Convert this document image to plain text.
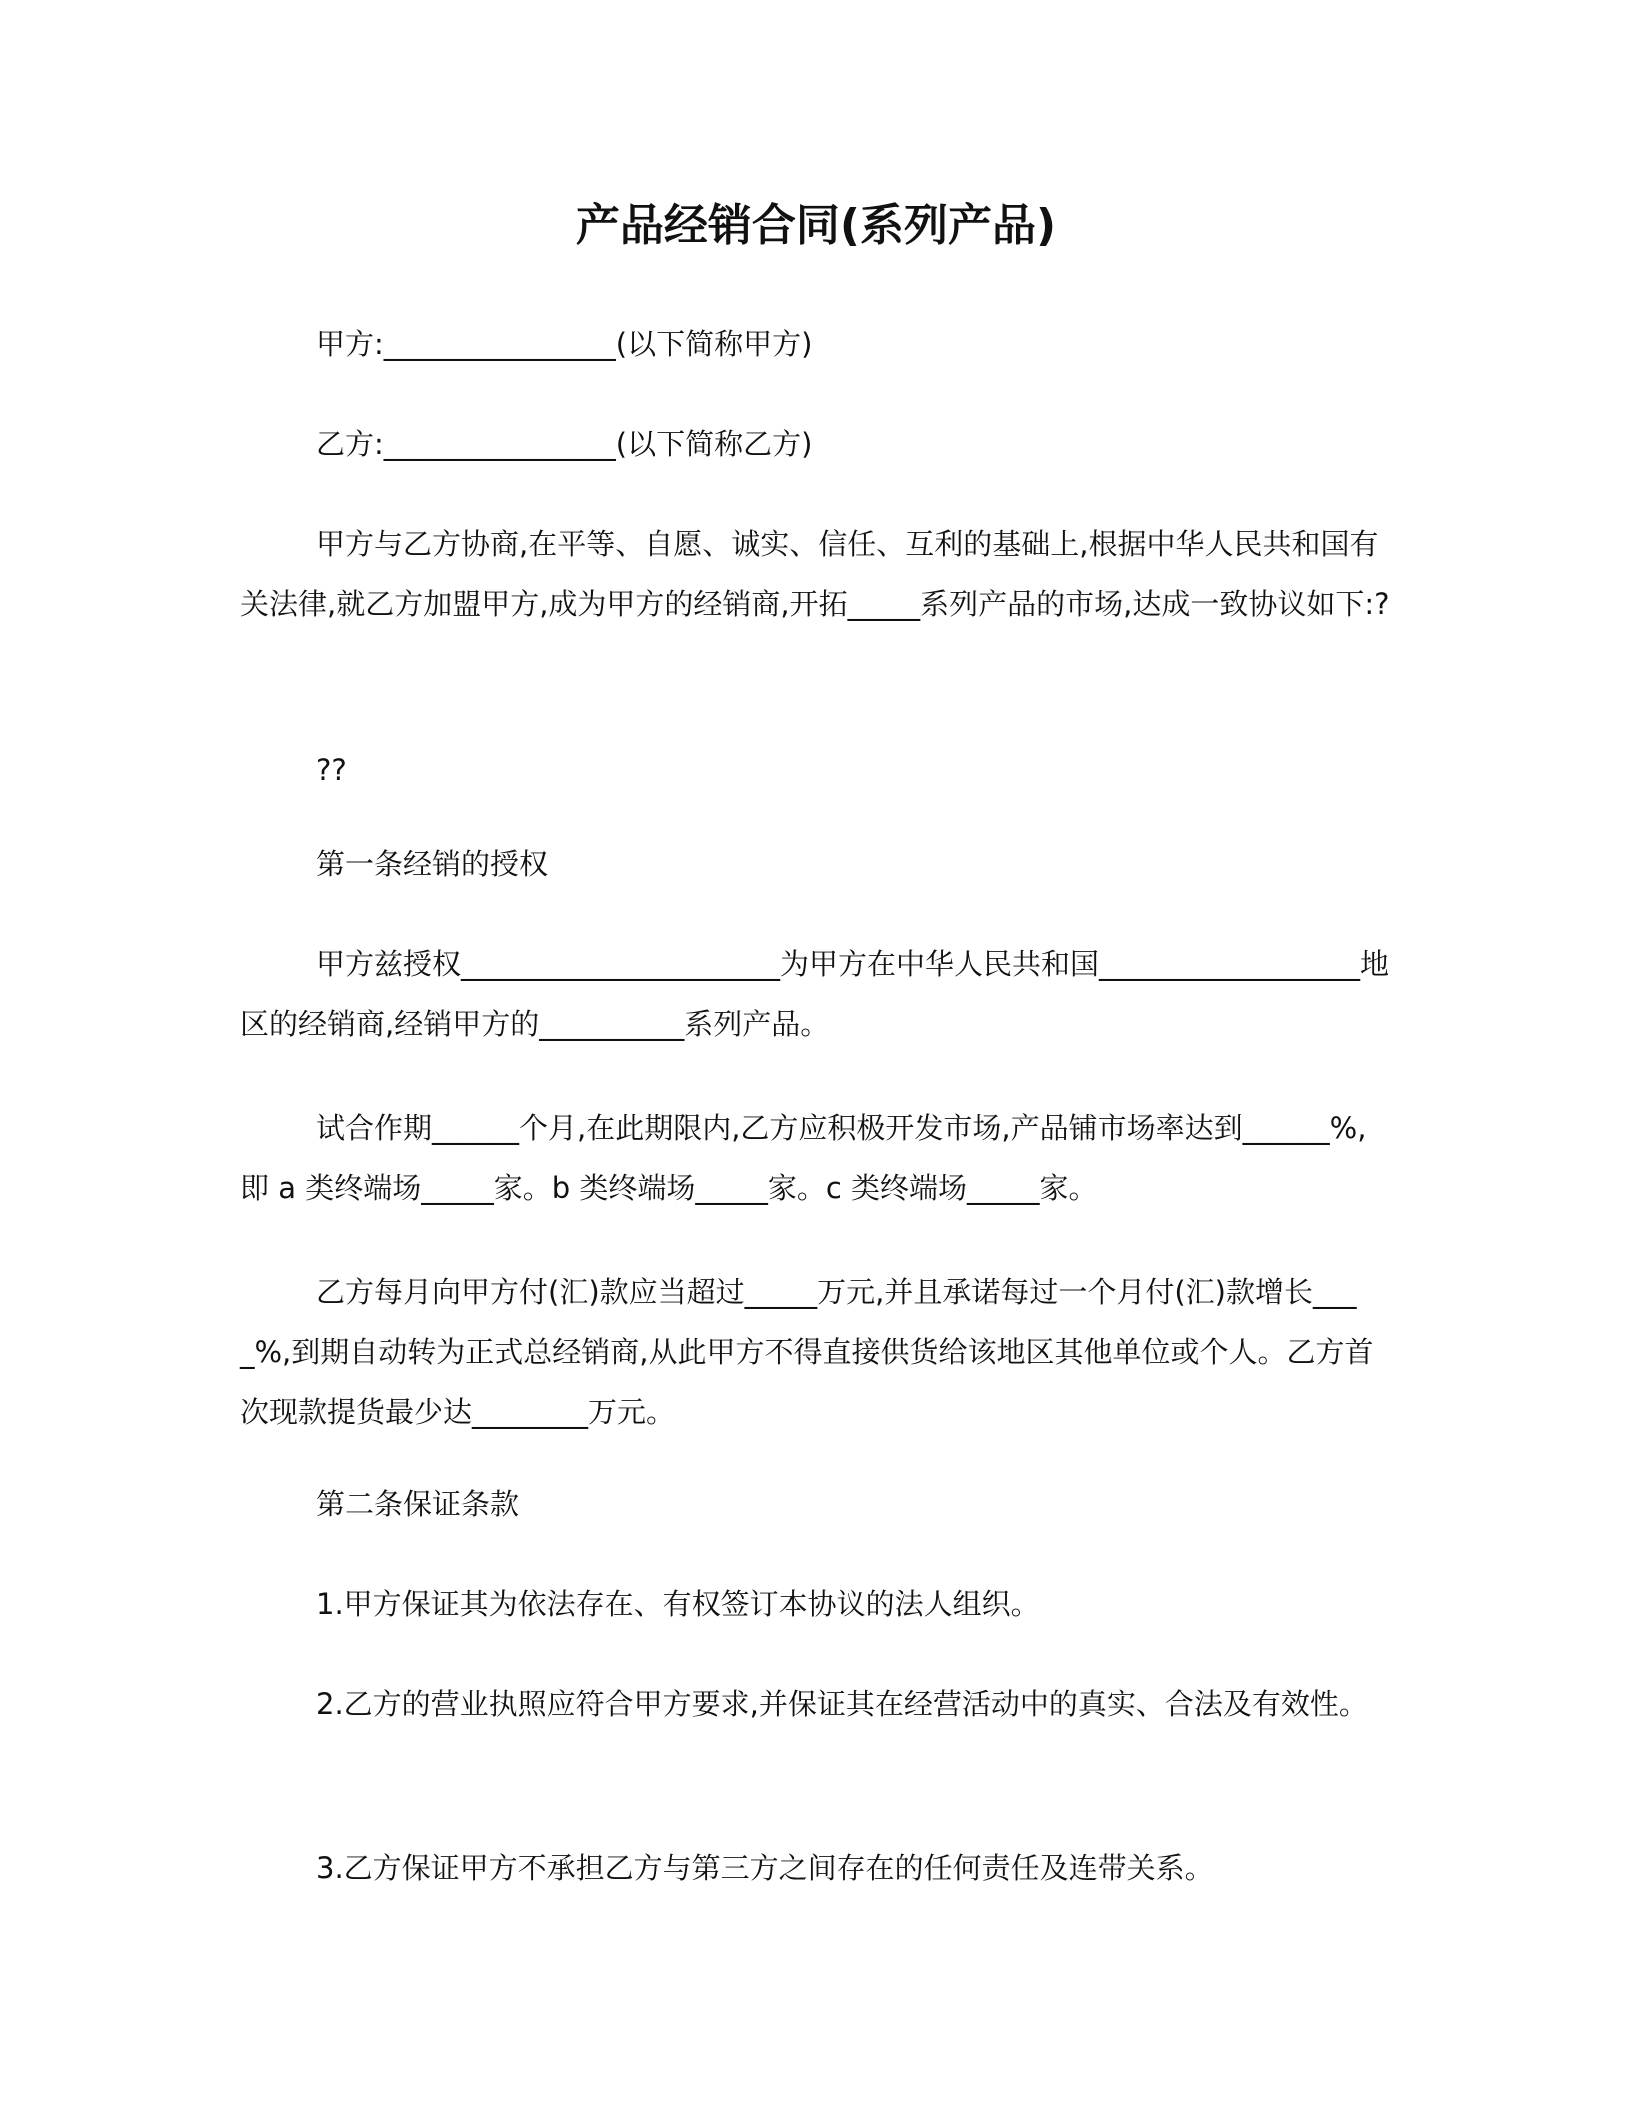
产品经销合同(系列产品)
甲方:________________(以下简称甲方)
乙方:________________(以下简称乙方)
甲方与乙方协商,在平等、自愿、诚实、信任、互利的基础上,根据中华人民共和国有关法律,就乙方加盟甲方,成为甲方的经销商,开拓_____系列产品的市场,达成一致协议如下:?
??
第一条经销的授权
甲方兹授权______________________为甲方在中华人民共和国__________________地区的经销商,经销甲方的__________系列产品。
试合作期______个月,在此期限内,乙方应积极开发市场,产品铺市场率达到______%,即 a 类终端场_____家。b 类终端场_____家。c 类终端场_____家。
乙方每月向甲方付(汇)款应当超过_____万元,并且承诺每过一个月付(汇)款增长____%,到期自动转为正式总经销商,从此甲方不得直接供货给该地区其他单位或个人。乙方首次现款提货最少达________万元。
第二条保证条款
1.甲方保证其为依法存在、有权签订本协议的法人组织。
2.乙方的营业执照应符合甲方要求,并保证其在经营活动中的真实、合法及有效性。
3.乙方保证甲方不承担乙方与第三方之间存在的任何责任及连带关系。
